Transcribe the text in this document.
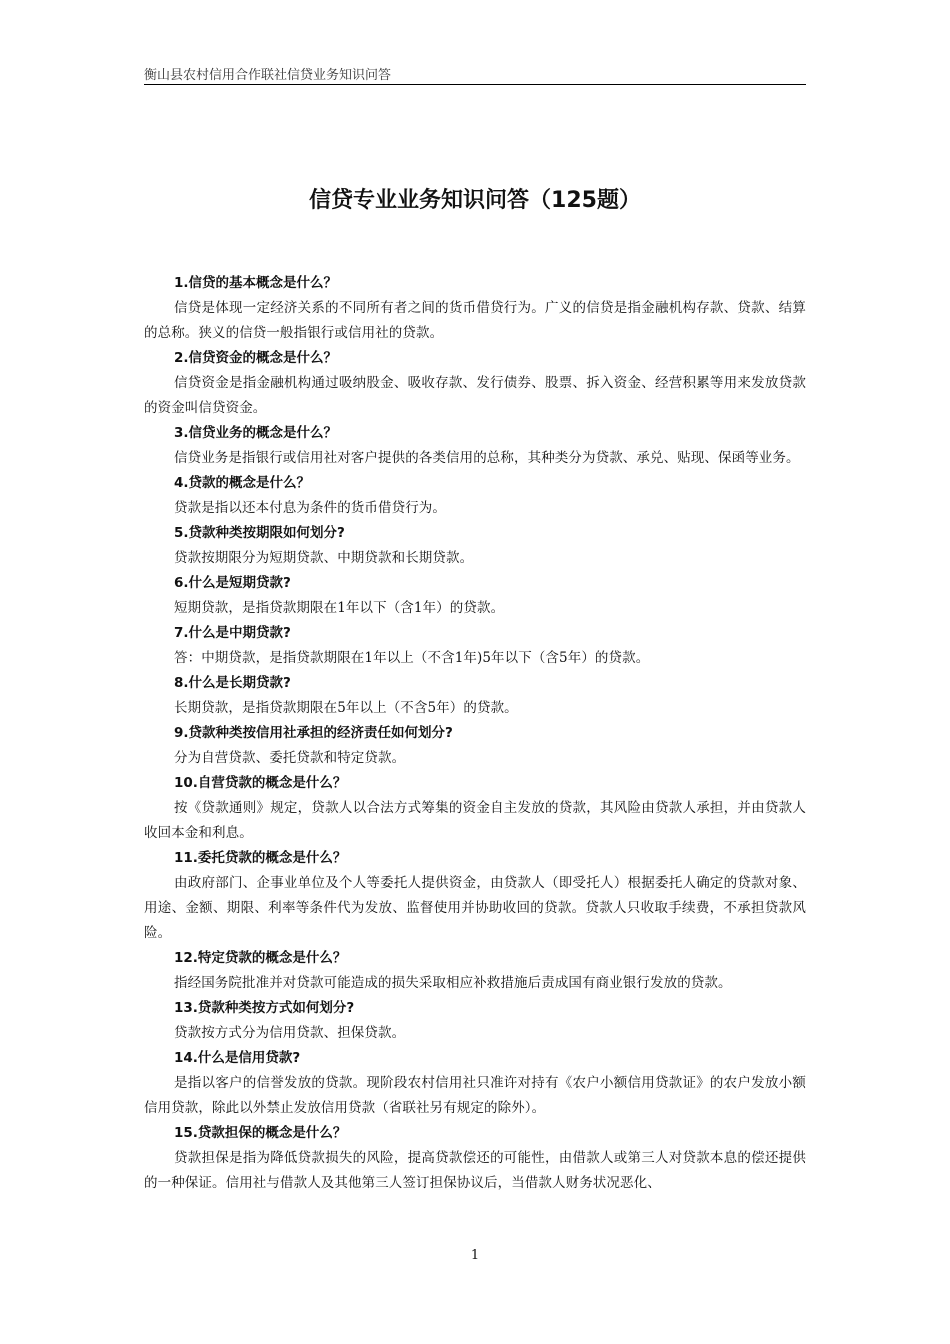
衡山县农村信用合作联社信贷业务知识问答
信贷专业业务知识问答（125题）

1.信贷的基本概念是什么？

信贷是体现一定经济关系的不同所有者之间的货币借贷行为。广义的信贷是指金融机构存款、贷款、结算的总称。狭义的信贷一般指银行或信用社的贷款。

2.信贷资金的概念是什么？

信贷资金是指金融机构通过吸纳股金、吸收存款、发行债券、股票、拆入资金、经营积累等用来发放贷款的资金叫信贷资金。

3.信贷业务的概念是什么？

信贷业务是指银行或信用社对客户提供的各类信用的总称，其种类分为贷款、承兑、贴现、保函等业务。

4.贷款的概念是什么？

贷款是指以还本付息为条件的货币借贷行为。

5.贷款种类按期限如何划分?

贷款按期限分为短期贷款、中期贷款和长期贷款。

6.什么是短期贷款?

短期贷款，是指贷款期限在1年以下（含1年）的贷款。

7.什么是中期贷款?

答：中期贷款，是指贷款期限在1年以上（不含1年)5年以下（含5年）的贷款。

8.什么是长期贷款?

长期贷款，是指贷款期限在5年以上（不含5年）的贷款。

9.贷款种类按信用社承担的经济责任如何划分?

分为自营贷款、委托贷款和特定贷款。

10.自营贷款的概念是什么？

按《贷款通则》规定，贷款人以合法方式筹集的资金自主发放的贷款，其风险由贷款人承担，并由贷款人收回本金和利息。

11.委托贷款的概念是什么？

由政府部门、企事业单位及个人等委托人提供资金，由贷款人（即受托人）根据委托人确定的贷款对象、用途、金额、期限、利率等条件代为发放、监督使用并协助收回的贷款。贷款人只收取手续费，不承担贷款风险。

12.特定贷款的概念是什么？

指经国务院批准并对贷款可能造成的损失采取相应补救措施后责成国有商业银行发放的贷款。

13.贷款种类按方式如何划分?

贷款按方式分为信用贷款、担保贷款。

14.什么是信用贷款?

是指以客户的信誉发放的贷款。现阶段农村信用社只准许对持有《农户小额信用贷款证》的农户发放小额信用贷款，除此以外禁止发放信用贷款（省联社另有规定的除外）。

15.贷款担保的概念是什么？

贷款担保是指为降低贷款损失的风险，提高贷款偿还的可能性，由借款人或第三人对贷款本息的偿还提供的一种保证。信用社与借款人及其他第三人签订担保协议后，当借款人财务状况恶化、

1
